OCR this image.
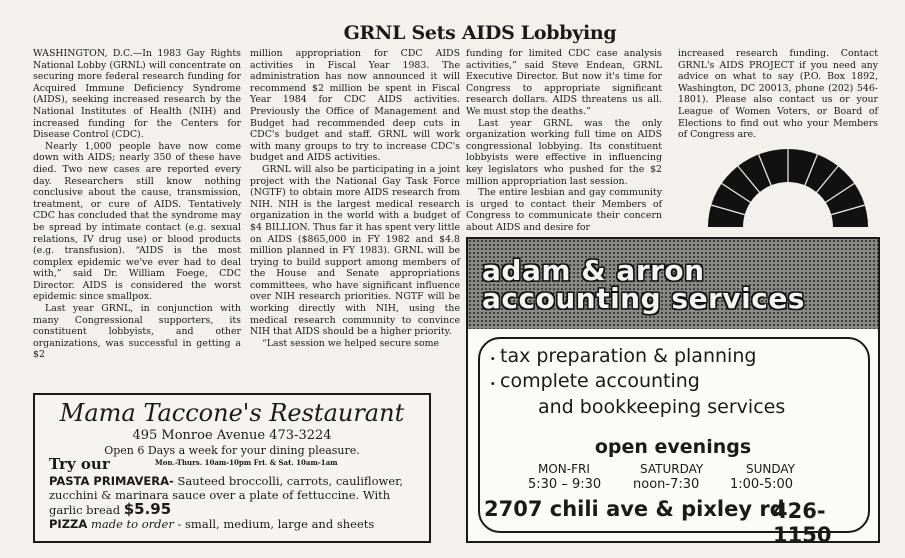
GRNL Sets AIDS Lobbying

WASHINGTON, D.C.—In 1983 Gay Rights National Lobby (GRNL) will concentrate on securing more federal research funding for Acquired Immune Deficiency Syndrome (AIDS), seeking increased research by the National Institutes of Health (NIH) and increased funding for the Centers for Disease Control (CDC).

Nearly 1,000 people have now come down with AIDS; nearly 350 of these have died. Two new cases are reported every day. Researchers still know nothing conclusive about the cause, transmission, treatment, or cure of AIDS. Tentatively CDC has concluded that the syndrome may be spread by intimate contact (e.g. sexual relations, IV drug use) or blood products (e.g. transfusion). “AIDS is the most complex epidemic we've ever had to deal with,” said Dr. William Foege, CDC Director. AIDS is considered the worst epidemic since smallpox.

Last year GRNL, in conjunction with many Congressional supporters, its constituent lobbyists, and other organizations, was successful in getting a $2

million appropriation for CDC AIDS activities in Fiscal Year 1983. The administration has now announced it will recommend $2 million be spent in Fiscal Year 1984 for CDC AIDS activities. Previously the Office of Management and Budget had recommended deep cuts in CDC's budget and staff. GRNL will work with many groups to try to increase CDC's budget and AIDS activities.

GRNL will also be participating in a joint project with the National Gay Task Force (NGTF) to obtain more AIDS research from NIH. NIH is the largest medical research organization in the world with a budget of $4 BILLION. Thus far it has spent very little on AIDS ($865,000 in FY 1982 and $4.8 million planned in FY 1983). GRNL will be trying to build support among members of the House and Senate appropriations committees, who have significant influence over NIH research priorities. NGTF will be working directly with NIH, using the medical research community to convince NIH that AIDS should be a higher priority.

“Last session we helped secure some

funding for limited CDC case analysis activities,” said Steve Endean, GRNL Executive Director. But now it's time for Congress to appropriate significant research dollars. AIDS threatens us all. We must stop the deaths.”

Last year GRNL was the only organization working full time on AIDS congressional lobbying. Its constituent lobbyists were effective in influencing key legislators who pushed for the $2 million appropriation last session.

The entire lesbian and gay community is urged to contact their Members of Congress to communicate their concern about AIDS and desire for

increased research funding. Contact GRNL's AIDS PROJECT if you need any advice on what to say (P.O. Box 1892, Washington, DC 20013, phone (202) 546-1801). Please also contact us or your League of Women Voters, or Board of Elections to find out who your Members of Congress are.

Mama Taccone's Restaurant
495 Monroe Avenue 473-3224
Open 6 Days a week for your dining pleasure.
Try our	Mon.-Thurs. 10am-10pm Fri. & Sat. 10am-1am
PASTA PRIMAVERA- Sauteed broccolli, carrots, cauliflower, zucchini & marinara sauce over a plate of fettuccine. With garlic bread $5.95
PIZZA made to order - small, medium, large and sheets
adam & arron
accounting services
· tax preparation & planning
· complete accounting
and bookkeeping services
open evenings
MON-FRI	SATURDAY	SUNDAY
5:30 – 9:30 noon-7:30 1:00-5:00
2707 chili ave & pixley rd
426-1150
